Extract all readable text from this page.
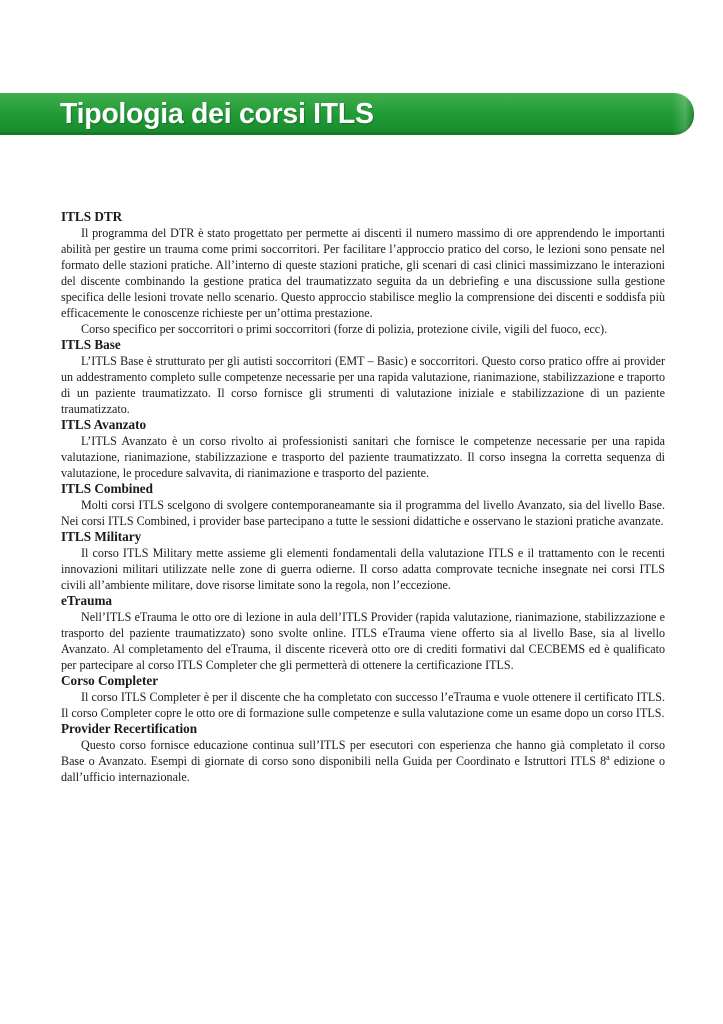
Tipologia dei corsi ITLS
ITLS DTR

Il programma del DTR è stato progettato per permette ai discenti il numero massimo di ore apprendendo le importanti abilità per gestire un trauma come primi soccorritori. Per facilitare l’approccio pratico del corso, le lezioni sono pensate nel formato delle stazioni pratiche. All’interno di queste stazioni pratiche, gli scenari di casi clinici massimizzano le interazioni del discente combinando la gestione pratica del traumatizzato seguita da un debriefing e una discussione sulla gestione specifica delle lesioni trovate nello scenario. Questo approccio stabilisce meglio la comprensione dei discenti e soddisfa più efficacemente le conoscenze richieste per un’ottima prestazione.

Corso specifico per soccorritori o primi soccorritori (forze di polizia, protezione civile, vigili del fuoco, ecc).

ITLS Base

L’ITLS Base è strutturato per gli autisti soccorritori (EMT – Basic) e soccorritori. Questo corso pratico offre ai provider un addestramento completo sulle competenze necessarie per una rapida valutazione, rianimazione, stabilizzazione e traporto di un paziente traumatizzato. Il corso fornisce gli strumenti di valutazione iniziale e stabilizzazione di un paziente traumatizzato.

ITLS Avanzato

L’ITLS Avanzato è un corso rivolto ai professionisti sanitari che fornisce le competenze necessarie per una rapida valutazione, rianimazione, stabilizzazione e trasporto del paziente traumatizzato. Il corso insegna la corretta sequenza di valutazione, le procedure salvavita, di rianimazione e trasporto del paziente.

ITLS Combined

Molti corsi ITLS scelgono di svolgere contemporaneamante sia il programma del livello Avanzato, sia del livello Base. Nei corsi ITLS Combined, i provider base partecipano a tutte le sessioni didattiche e osservano le stazioni pratiche avanzate.

ITLS Military

Il corso ITLS Military mette assieme gli elementi fondamentali della valutazione ITLS e il trattamento con le recenti innovazioni militari utilizzate nelle zone di guerra odierne. Il corso adatta comprovate tecniche insegnate nei corsi ITLS civili all’ambiente militare, dove risorse limitate sono la regola, non l’eccezione.

eTrauma

Nell’ITLS eTrauma le otto ore di lezione in aula dell’ITLS Provider (rapida valutazione, rianimazione, stabilizzazione e trasporto del paziente traumatizzato) sono svolte online. ITLS eTrauma viene offerto sia al livello Base, sia al livello Avanzato. Al completamento del eTrauma, il discente riceverà otto ore di crediti formativi dal CECBEMS ed è qualificato per partecipare al corso ITLS Completer che gli permetterà di ottenere la certificazione ITLS.

Corso Completer

Il corso ITLS Completer è per il discente che ha completato con successo l’eTrauma e vuole ottenere il certificato ITLS. Il corso Completer copre le otto ore di formazione sulle competenze e sulla valutazione come un esame dopo un corso ITLS.

Provider Recertification

Questo corso fornisce educazione continua sull’ITLS per esecutori con esperienza che hanno già completato il corso Base o Avanzato. Esempi di giornate di corso sono disponibili nella Guida per Coordinato e Istruttori ITLS 8$^a$ edizione o dall’ufficio internazionale.
